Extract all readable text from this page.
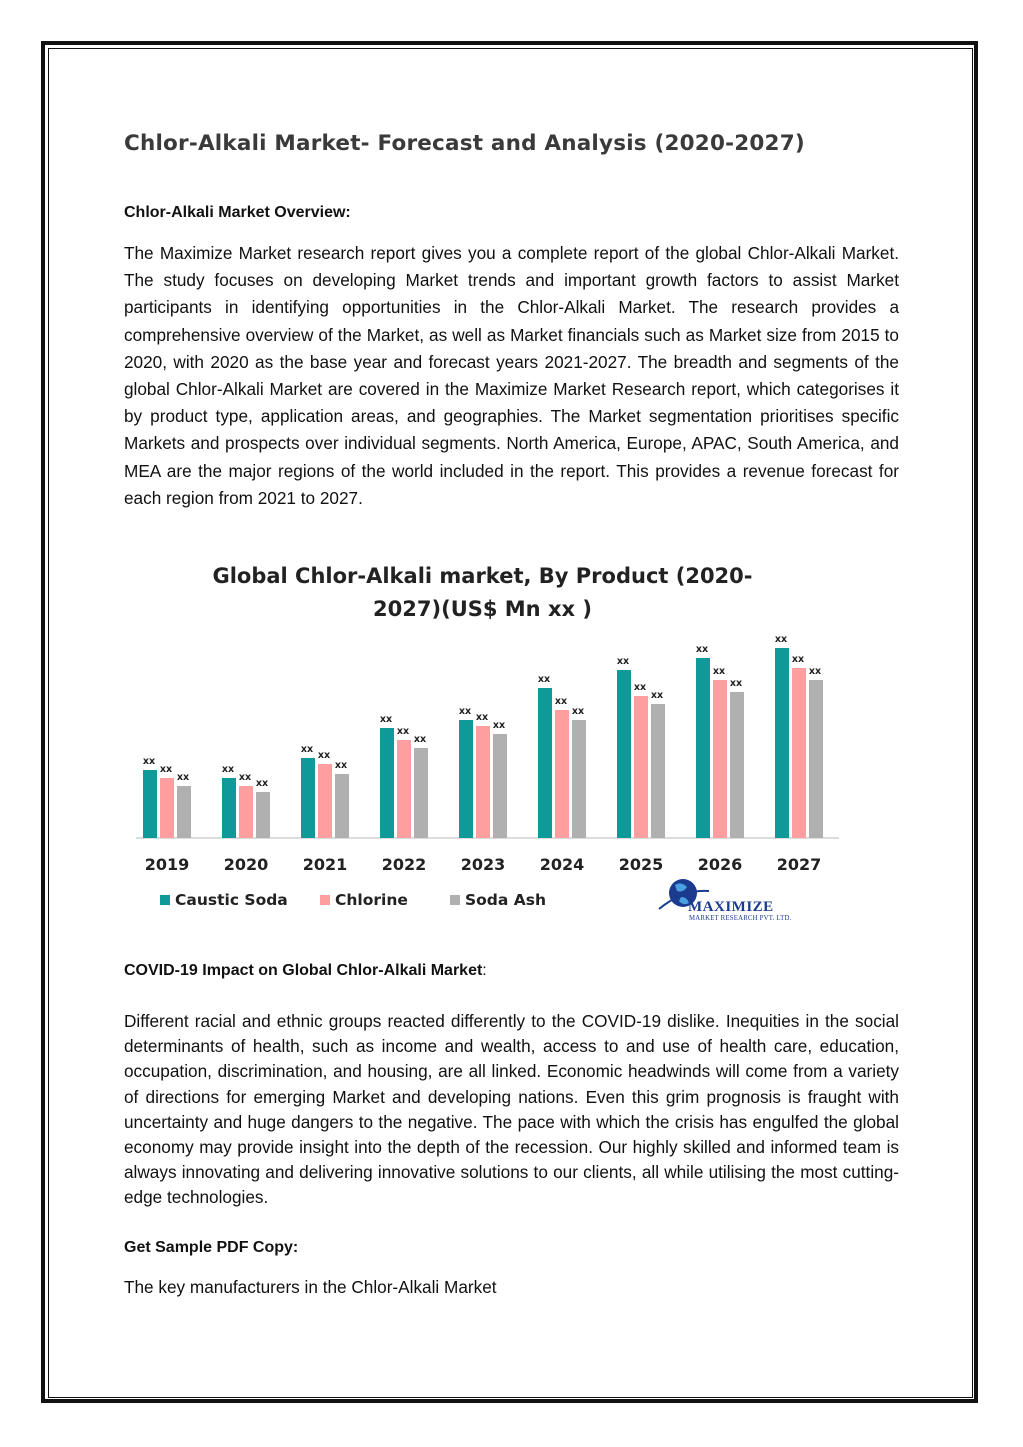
Chlor-Alkali Market- Forecast and Analysis (2020-2027)
Chlor-Alkali Market Overview:

The Maximize Market research report gives you a complete report of the global Chlor-Alkali Market. The study focuses on developing Market trends and important growth factors to assist Market participants in identifying opportunities in the Chlor-Alkali Market. The research provides a comprehensive overview of the Market, as well as Market financials such as Market size from 2015 to 2020, with 2020 as the base year and forecast years 2021-2027. The breadth and segments of the global Chlor-Alkali Market are covered in the Maximize Market Research report, which categorises it by product type, application areas, and geographies. The Market segmentation prioritises specific Markets and prospects over individual segments. North America, Europe, APAC, South America, and MEA are the major regions of the world included in the report. This provides a revenue forecast for each region from 2021 to 2027.

Global Chlor-Alkali market, By Product (2020-
2027)(US$ Mn xx )
xx
xx
xx
2019
xx
xx
xx
2020
xx
xx
xx
2021
xx
xx
xx
2022
xx
xx
xx
2023
xx
xx
xx
2024
xx
xx
xx
2025
xx
xx
xx
2026
xx
xx
xx
2027
Caustic Soda	Chlorine	Soda Ash	MAXIMIZE
MARKET RESEARCH PVT. LTD.
COVID-19 Impact on Global Chlor-Alkali Market:

Different racial and ethnic groups reacted differently to the COVID-19 dislike. Inequities in the social determinants of health, such as income and wealth, access to and use of health care, education, occupation, discrimination, and housing, are all linked. Economic headwinds will come from a variety of directions for emerging Market and developing nations. Even this grim prognosis is fraught with uncertainty and huge dangers to the negative. The pace with which the crisis has engulfed the global economy may provide insight into the depth of the recession. Our highly skilled and informed team is always innovating and delivering innovative solutions to our clients, all while utilising the most cutting-edge technologies.

Get Sample PDF Copy:

The key manufacturers in the Chlor-Alkali Market
